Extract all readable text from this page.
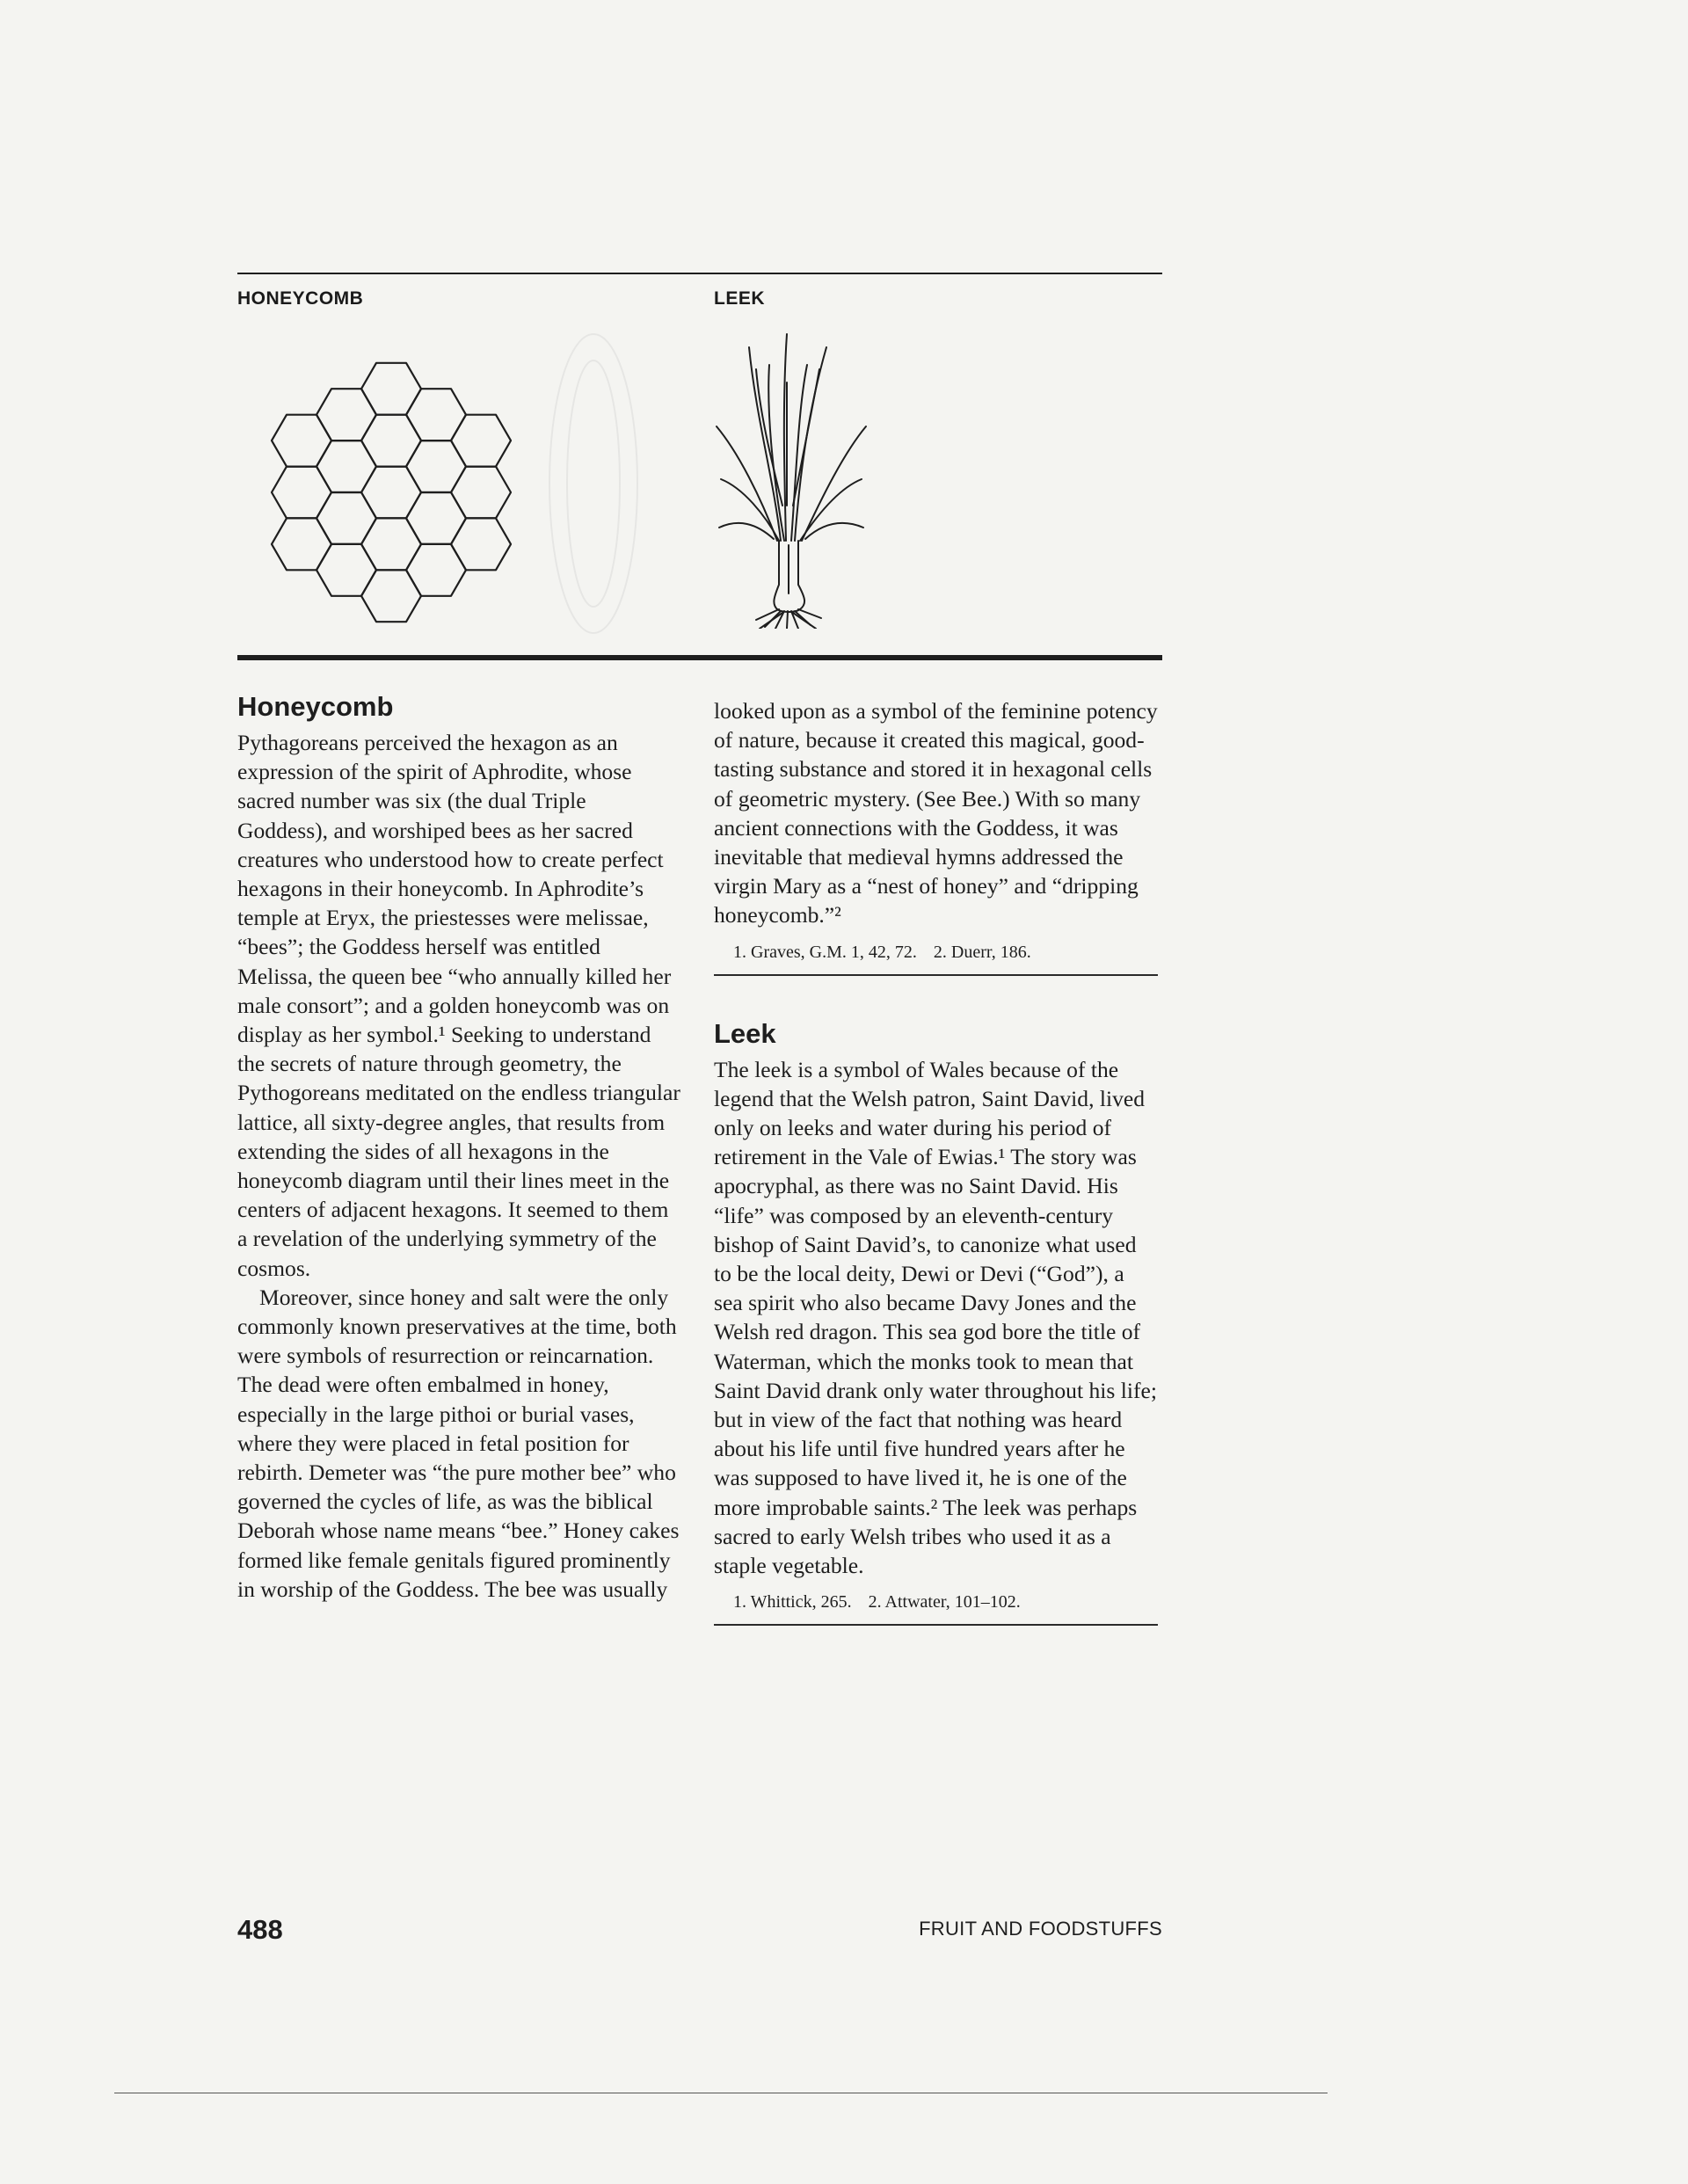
HONEYCOMB	LEEK
Honeycomb

Pythagoreans perceived the hexagon as an expression of the spirit of Aphrodite, whose sacred number was six (the dual Triple Goddess), and worshiped bees as her sacred creatures who understood how to create perfect hexagons in their honeycomb. In Aphrodite’s temple at Eryx, the priestesses were melissae, “bees”; the Goddess herself was entitled Melissa, the queen bee “who annually killed her male consort”; and a golden honeycomb was on display as her symbol.¹ Seeking to understand the secrets of nature through geometry, the Pythogoreans meditated on the endless triangular lattice, all sixty-degree angles, that results from extending the sides of all hexagons in the honeycomb diagram until their lines meet in the centers of adjacent hexagons. It seemed to them a revelation of the underlying symmetry of the cosmos.

Moreover, since honey and salt were the only commonly known preservatives at the time, both were symbols of resurrection or reincarnation. The dead were often embalmed in honey, especially in the large pithoi or burial vases, where they were placed in fetal position for rebirth. Demeter was “the pure mother bee” who governed the cycles of life, as was the biblical Deborah whose name means “bee.” Honey cakes formed like female genitals figured prominently in worship of the Goddess. The bee was usually

looked upon as a symbol of the feminine potency of nature, because it created this magical, good-tasting substance and stored it in hexagonal cells of geometric mystery. (See Bee.) With so many ancient connections with the Goddess, it was inevitable that medieval hymns addressed the virgin Mary as a “nest of honey” and “dripping honeycomb.”²

1. Graves, G.M. 1, 42, 72. 2. Duerr, 186.
Leek

The leek is a symbol of Wales because of the legend that the Welsh patron, Saint David, lived only on leeks and water during his period of retirement in the Vale of Ewias.¹ The story was apocryphal, as there was no Saint David. His “life” was composed by an eleventh-century bishop of Saint David’s, to canonize what used to be the local deity, Dewi or Devi (“God”), a sea spirit who also became Davy Jones and the Welsh red dragon. This sea god bore the title of Waterman, which the monks took to mean that Saint David drank only water throughout his life; but in view of the fact that nothing was heard about his life until five hundred years after he was supposed to have lived it, he is one of the more improbable saints.² The leek was perhaps sacred to early Welsh tribes who used it as a staple vegetable.

1. Whittick, 265. 2. Attwater, 101–102.
488	FRUIT AND FOODSTUFFS
